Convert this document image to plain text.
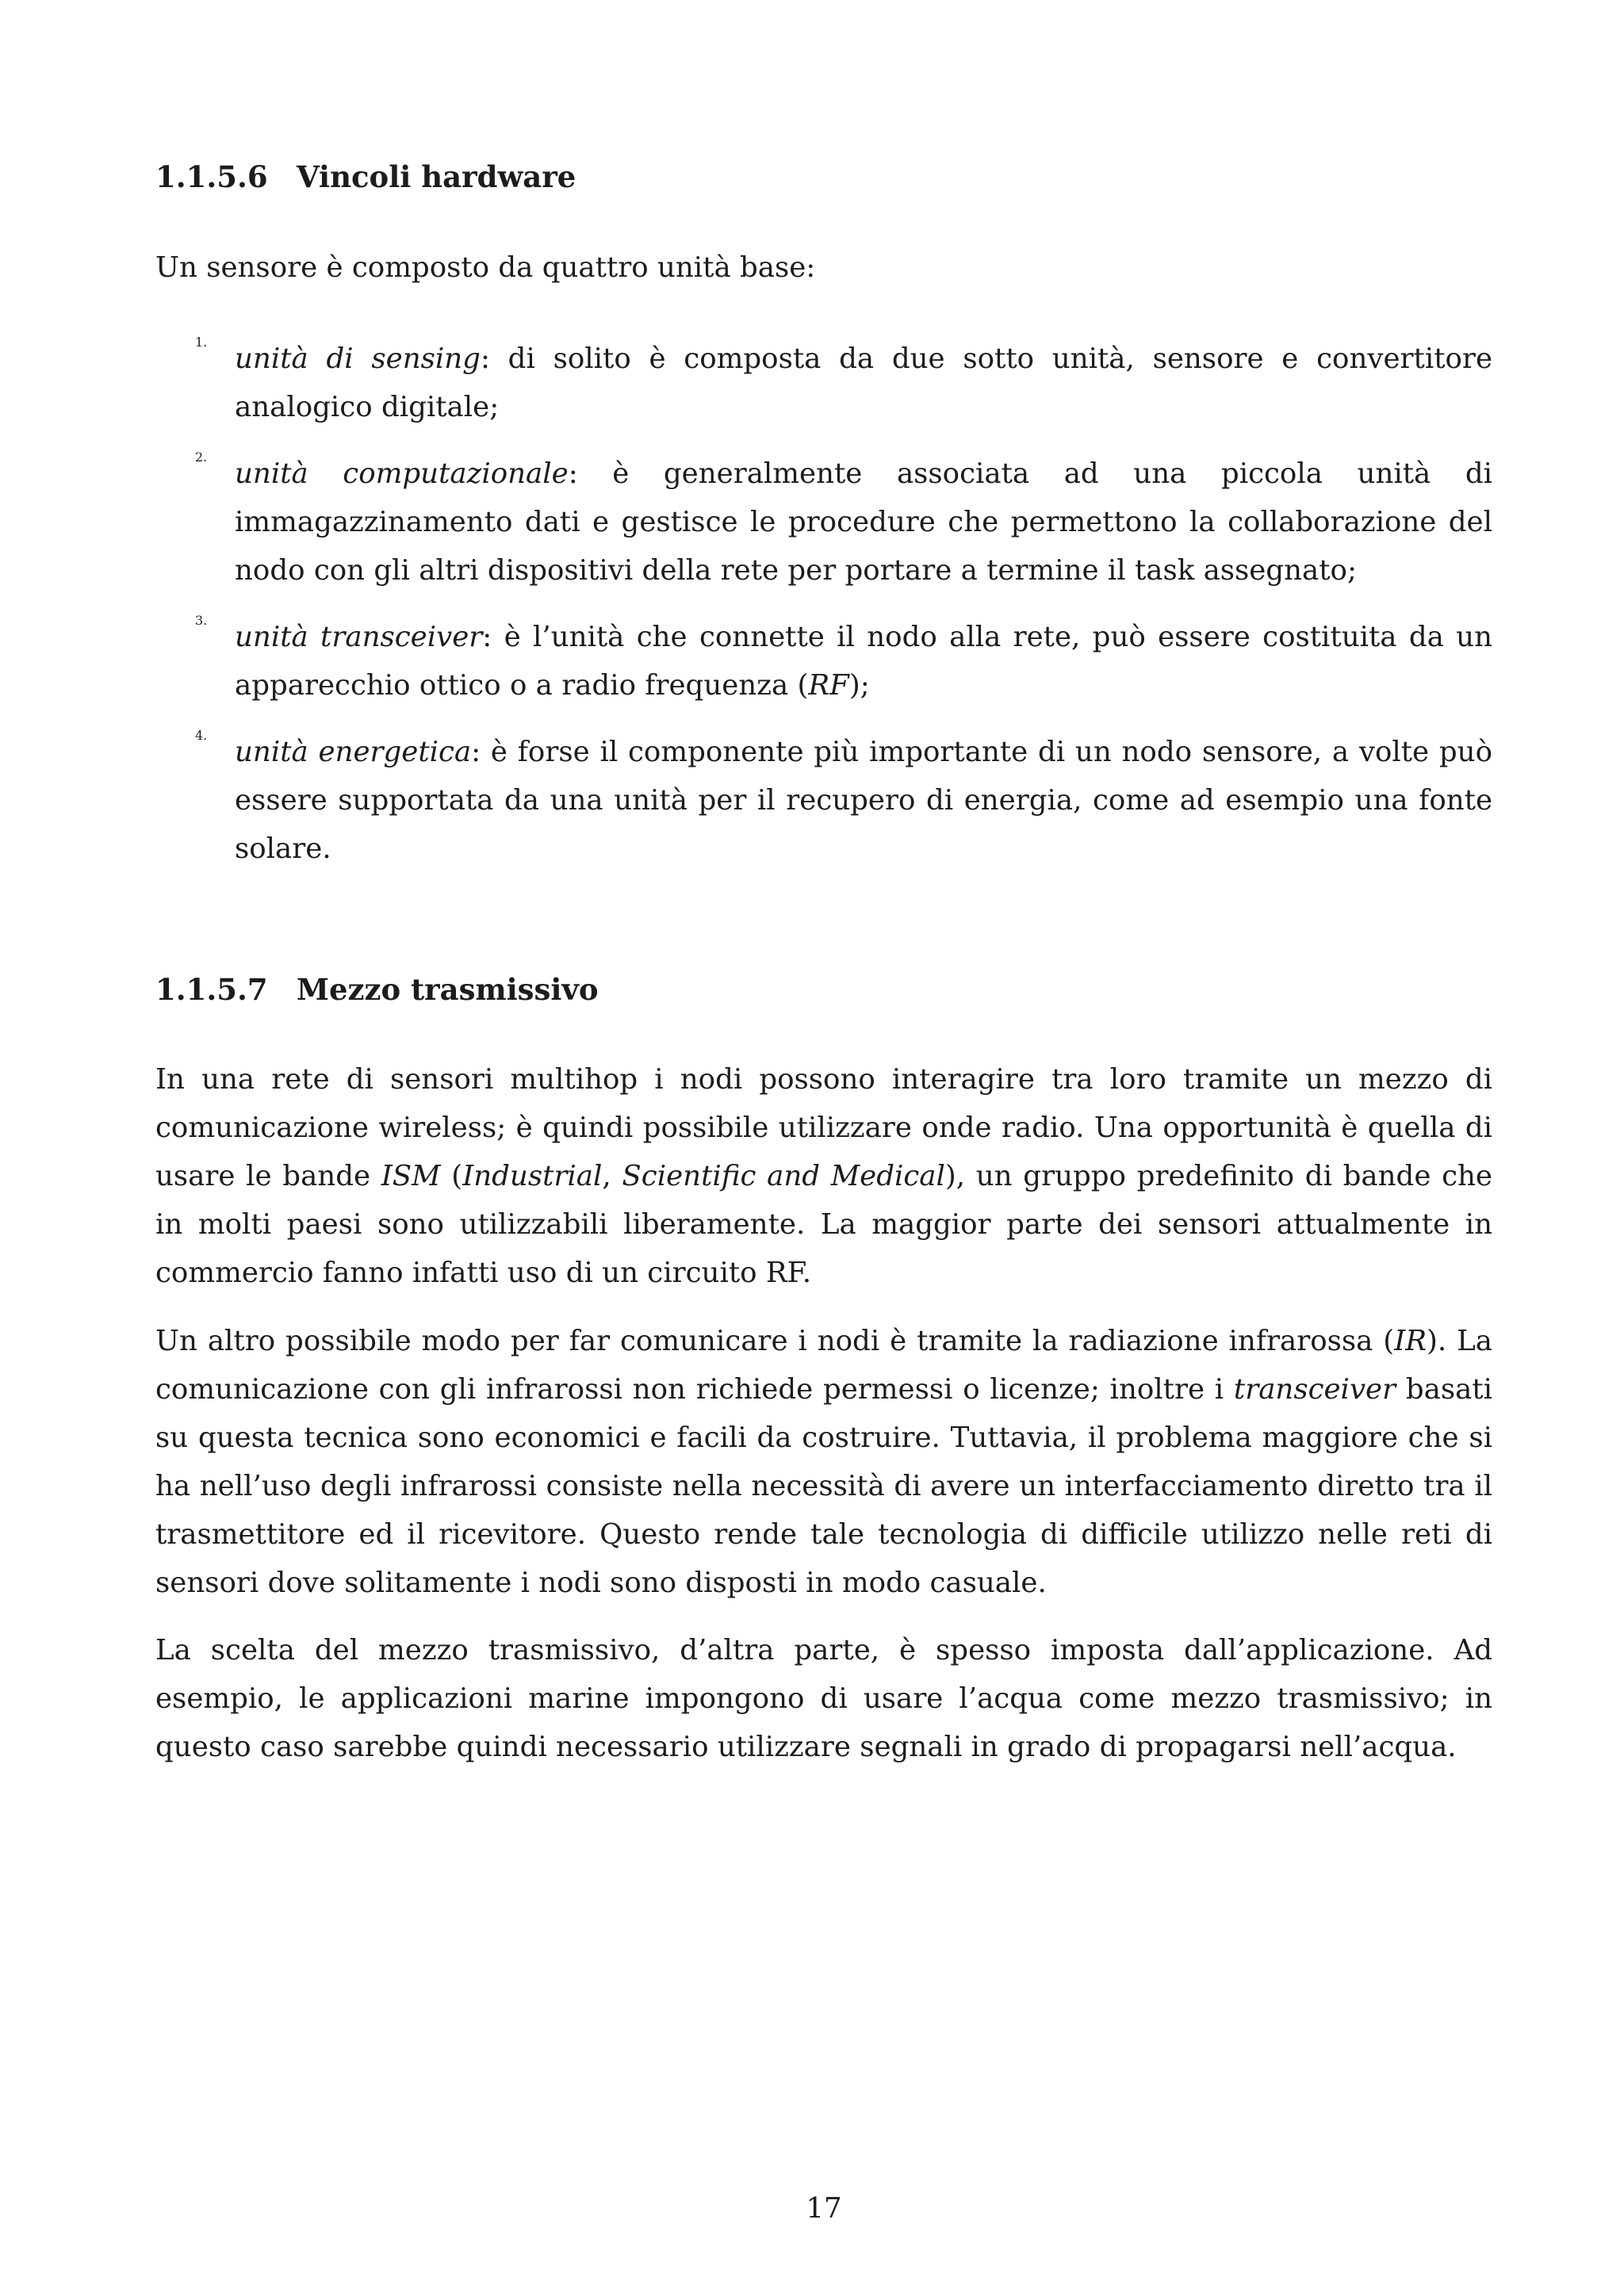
1.1.5.6 Vincoli hardware

Un sensore è composto da quattro unità base:

1.

unità di sensing: di solito è composta da due sotto unità, sensore e convertitore analogico digitale;

2.

unità computazionale: è generalmente associata ad una piccola unità di immagazzinamento dati e gestisce le procedure che permettono la collaborazione del nodo con gli altri dispositivi della rete per portare a termine il task assegnato;

3.

unità transceiver: è l’unità che connette il nodo alla rete, può essere costituita da un apparecchio ottico o a radio frequenza (RF);

4.

unità energetica: è forse il componente più importante di un nodo sensore, a volte può essere supportata da una unità per il recupero di energia, come ad esempio una fonte solare.

1.1.5.7 Mezzo trasmissivo

In una rete di sensori multihop i nodi possono interagire tra loro tramite un mezzo di comunicazione wireless; è quindi possibile utilizzare onde radio. Una opportunità è quella di usare le bande ISM (Industrial, Scientific and Medical), un gruppo predefinito di bande che in molti paesi sono utilizzabili liberamente. La maggior parte dei sensori attualmente in commercio fanno infatti uso di un circuito RF.

Un altro possibile modo per far comunicare i nodi è tramite la radiazione infrarossa (IR). La comunicazione con gli infrarossi non richiede permessi o licenze; inoltre i transceiver basati su questa tecnica sono economici e facili da costruire. Tuttavia, il problema maggiore che si ha nell’uso degli infrarossi consiste nella necessità di avere un interfacciamento diretto tra il trasmettitore ed il ricevitore. Questo rende tale tecnologia di difficile utilizzo nelle reti di sensori dove solitamente i nodi sono disposti in modo casuale.

La scelta del mezzo trasmissivo, d’altra parte, è spesso imposta dall’applicazione. Ad esempio, le applicazioni marine impongono di usare l’acqua come mezzo trasmissivo; in questo caso sarebbe quindi necessario utilizzare segnali in grado di propagarsi nell’acqua.

17
